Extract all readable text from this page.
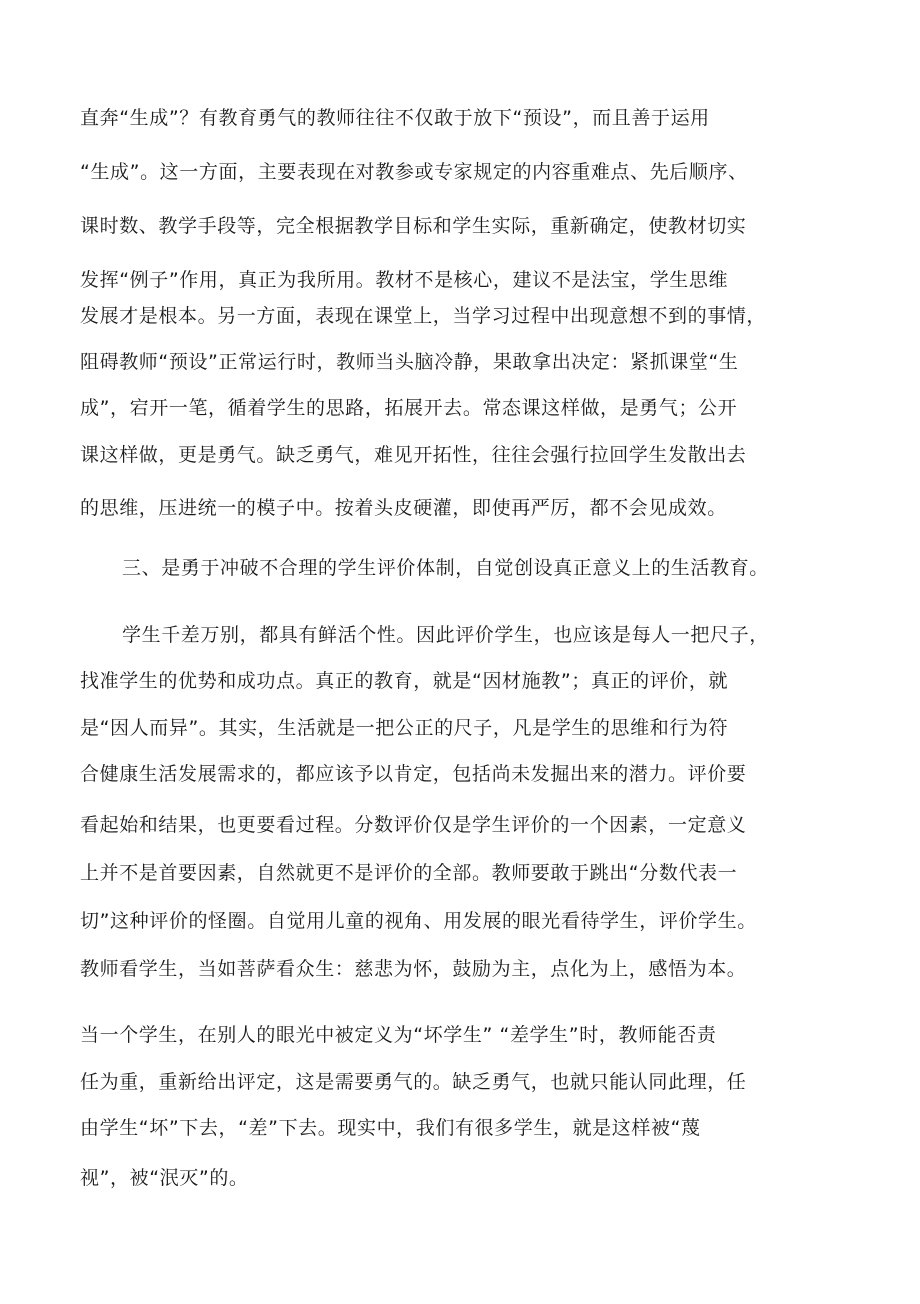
直奔“生成”？有教育勇气的教师往往不仅敢于放下“预设”，而且善于运用
“生成”。这一方面，主要表现在对教参或专家规定的内容重难点、先后顺序、
课时数、教学手段等，完全根据教学目标和学生实际，重新确定，使教材切实
发挥“例子”作用，真正为我所用。教材不是核心，建议不是法宝，学生思维
发展才是根本。另一方面，表现在课堂上，当学习过程中出现意想不到的事情，
阻碍教师“预设”正常运行时，教师当头脑冷静，果敢拿出决定：紧抓课堂“生
成”，宕开一笔，循着学生的思路，拓展开去。常态课这样做，是勇气；公开
课这样做，更是勇气。缺乏勇气，难见开拓性，往往会强行拉回学生发散出去
的思维，压进统一的模子中。按着头皮硬灌，即使再严厉，都不会见成效。
三、是勇于冲破不合理的学生评价体制，自觉创设真正意义上的生活教育。
学生千差万别，都具有鲜活个性。因此评价学生，也应该是每人一把尺子，
找准学生的优势和成功点。真正的教育，就是“因材施教”；真正的评价，就
是“因人而异”。其实，生活就是一把公正的尺子，凡是学生的思维和行为符
合健康生活发展需求的，都应该予以肯定，包括尚未发掘出来的潜力。评价要
看起始和结果，也更要看过程。分数评价仅是学生评价的一个因素，一定意义
上并不是首要因素，自然就更不是评价的全部。教师要敢于跳出“分数代表一
切”这种评价的怪圈。自觉用儿童的视角、用发展的眼光看待学生，评价学生。
教师看学生，当如菩萨看众生：慈悲为怀，鼓励为主，点化为上，感悟为本。
当一个学生，在别人的眼光中被定义为“坏学生” “差学生”时，教师能否责
任为重，重新给出评定，这是需要勇气的。缺乏勇气，也就只能认同此理，任
由学生“坏”下去，“差”下去。现实中，我们有很多学生，就是这样被“蔑
视”，被“泯灭”的。
